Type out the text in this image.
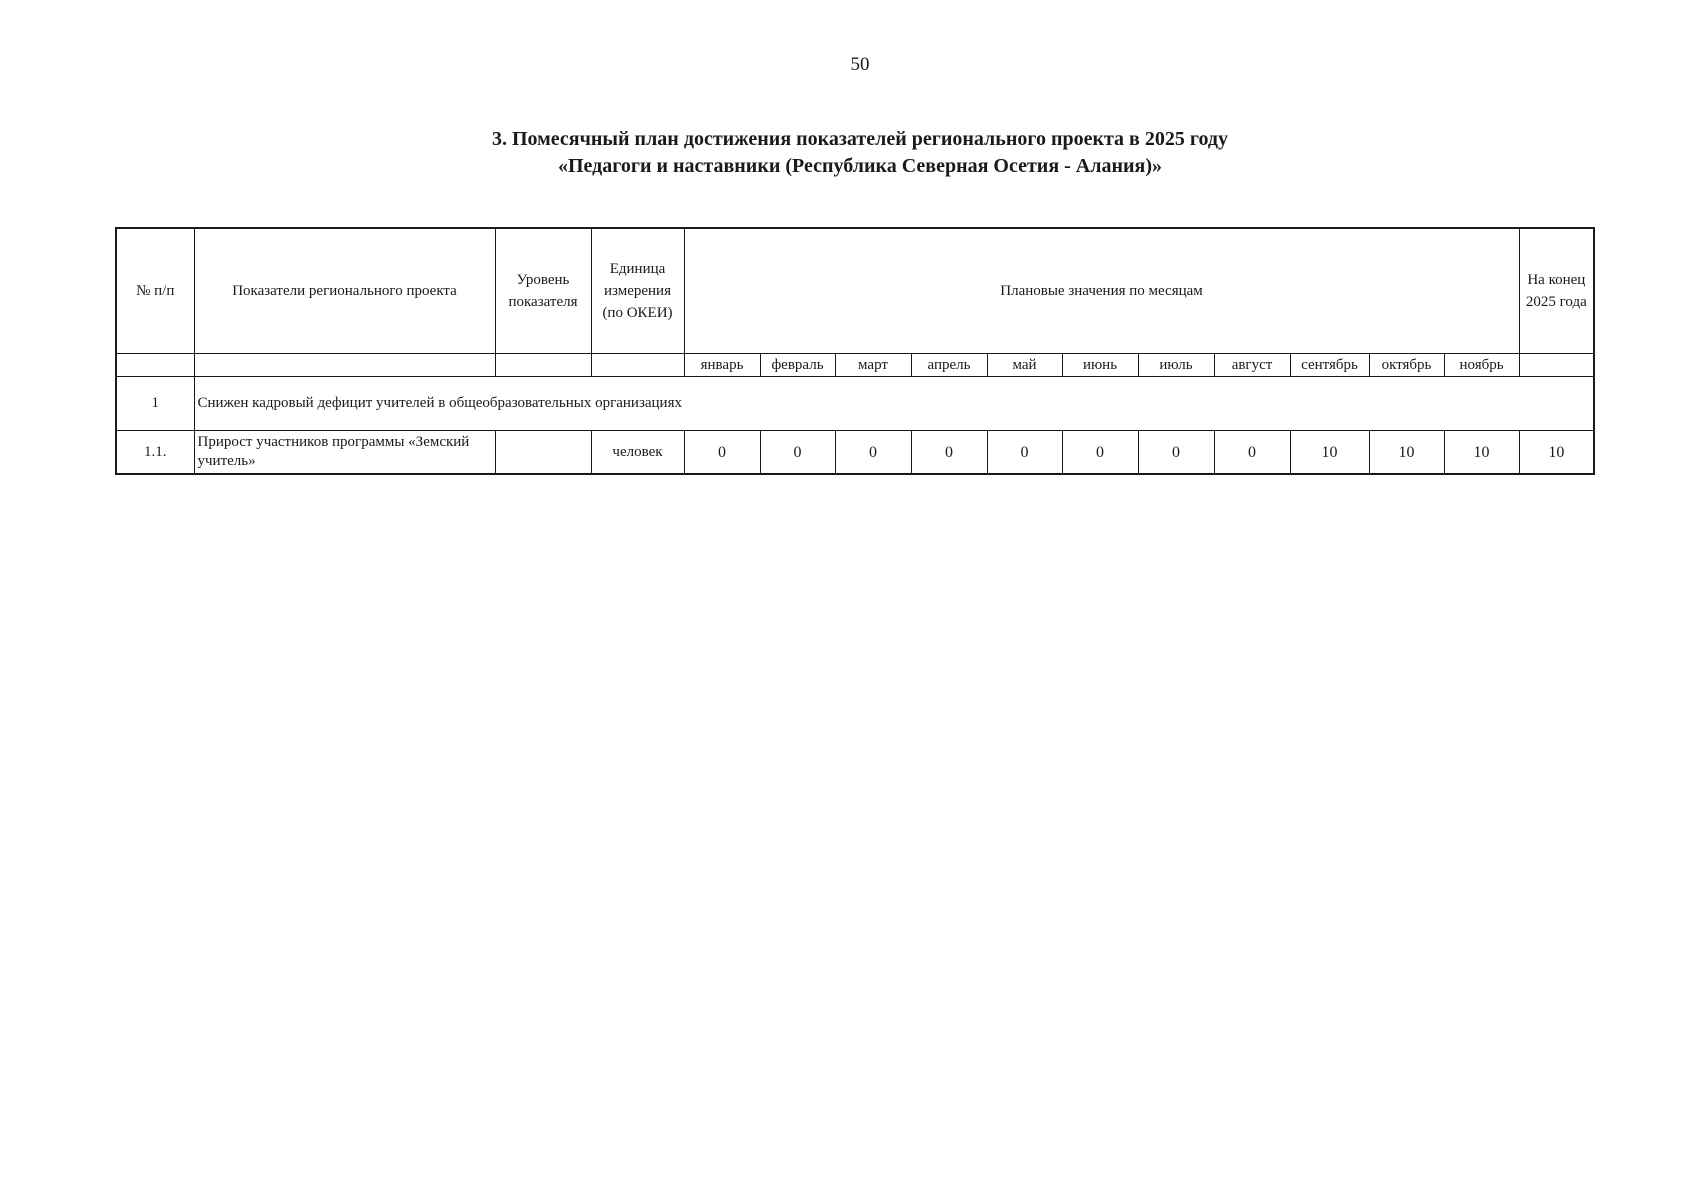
50
3. Помесячный план достижения показателей регионального проекта в 2025 году
«Педагоги и наставники (Республика Северная Осетия - Алания)»
№ п/п	Показатели регионального проекта	Уровень показателя	Единица измерения (по ОКЕИ)	Плановые значения по месяцам											На конец 2025 года
				январь	февраль	март	апрель	май	июнь	июль	август	сентябрь	октябрь	ноябрь	
1	Снижен кадровый дефицит учителей в общеобразовательных организациях														
1.1.	Прирост участников программы «Земский учитель»		человек	0	0	0	0	0	0	0	0	10	10	10	10
